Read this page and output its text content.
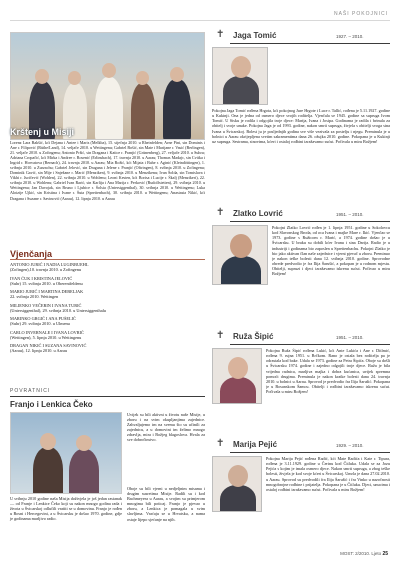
NAŠI POKOJNICI
Krštenj u Misiji
Lorenz Lara Bakšić, kći Dejana i Antee i Maris (Melkba), 15. siječnja 2010. u Rheinfelden; Arne Pini, sin Dominis i Ane r. Filipović (Rüthe/Land), 14. veljače 2010. u Wettingenu; Gabriel Bošić, sin Mate i Marijane r. Vasić (Berlingen), 21. veljače 2010. u Zofingenu; Antonio Pršić, sin Dragana i Katice r. Pranjić (Grünenberg), 27. veljače 2010. u Suhru; Adriana Cropačić, kći Mirka i Andree r. Rosenić (Erlinsbach), 17. travnja 2010. u Aarau; Thomas Madajc, sin Cvitka i Ingrid r. Horvatova (Bernach), 24. travnja 2010. u Aarau; Mia Rožić, kći Mijata i Bahe r. Aginić (Kleindöttingen), 1. svibnja 2010. u Zurzachu; Gabriel Jelović, sin Dragana i Jelene r. Pranjić (Oftringen), 8. svibnja 2010. u Zofingenu; Dominik Gavić, sin Mije i Snježane r. Marić (Menziken), 9. svibnja 2010. u Menzikenu; Ivan Šolda, sin Tomislava i Vikhi r. Juričević (Wohlen), 22. svibnja 2010. u Wohlenu; Leoni Kesten, kći Borisa i Lucije r. Škalj (Menzikeri), 22. svibnja 2010. u Wohlenu; Gabriel Ivan Rarić, sin Karlija i Ana Marija r. Perković (Rudolfstetten), 29. svibnja 2010. u Wettingenu; Jan Davojak, sin Bruno i Ljubice r. Šolsia (Untersiggenthal), 30. svibnja 2010. u Wettingenu; Luka Aloizije Ujkić, sin Kristina i Ivane r. Šuta (Spreitenbach), 30. svibnja 2010. u Wettingenu; Anastasia Nikić, kći Dragana i Suzane r. Savinović (Aarau), 12. lipnja 2010. u Aarau
Vjenčanja
ANTONIO JURIĆ I NADIA LUGINBUEHL
(Zofingen),10. travnja 2010. u Zofingenu
IVAN ĆUK I KRISTINA JELOVIĆ
(Suhr) 15. svibnja 2010. u Oberentfeldenu
MARIO JURIĆ I MARTINA DEBELJAK
22. svibnja 2010. Wettingen
MILIENKO VEČERIN I IVANA TURIĆ
(Untersiggenthal), 29. svibnja 2010. u Untersiggenthalu
MARINKO GRGIĆ I ANA PUŠELIĆ
(Suhr) 29. svibnja 2010. u Ulmenu
CARLO INVERNALE I IVANA LOVRIĆ
(Wettingen), 5. lipnja 2010. u Wettingenu
DRAGAN NIKIĆ I SUZANA SAVINOVIĆ
(Aarau), 12. lipnja 2010. u Aarau
POVRATNICI
Franjo i Lenkica Čeko
U svibnju 2010 godine naša Misija doživjela je još jedan rastanak — od Franje i Lenkice Čeko koji su nakon mnogo godina rada i života u Švicarskoj odlučili vratiti se u domovinu. Franjo je rođen u Bosni i Hercegovini, a u Švicarsku je došao 1970. godine, gdje je godinama marljivo radio.
Uvijek su bili aktivni u životu naše Misije, u zboru i na svim okupljanjima zajednice. Zahvaljujemo im na svemu što su učinili za zajednicu, a u domovini im želimo mnogo zdravlja, mira i Božjeg blagoslova. Hvala za sve dobročinstvo.
✝ Jaga Tomić	1927. – 2010.
Pokojna Jaga Tomić rođena Hrgota, kći pokojnog Jure Hrgote i Luce r. Tallić, rođena je 5.11.1927. godine u Kukinji. Ona je jedna od osmero djece svojih roditelja. Vjenčala se 1945. godine sa supruga Ivom Tomić. U Sisku je rodila i odgojila troje djece: Marija, Ivana i Josipa. Godinama je radila i brinula za obitelj i svoje unuke. Pokojna Jaga je od 1993. godine, nakon smrti supruga, živjela s obitelji svoga sina Ivana u Švicarskoj. Bolest ju je posljednjih godina sve više vezivala za postelju i njegu. Preminula je u bolnici u Aarau okrijepljena svetim sakramentima dana 26. ožujka 2010. godine. Pokopana je u Kukinji uz supruga. Sestrama, sinovima, kćeri i ostaloj rodbini izražavamo sućut. Počivala u miru Božjem!
✝ Zlatko Lovrić	1951. – 2010.
Pokojni Zlatko Lovrić rođen je 1. lipnja 1951. godine u Sokolovcu kod Slavonskog Broda, od oca Ivana i majke Mare r. Ikić. Vjenčao se 1973. godine s Ružicom r. Marić, a 1974. godine došao je u Švicarsku. U braku su dobili kćer Ivanu i sina Darija. Radio je u industriji i godinama bio zaposlen u Spreitenbachu. Pokojni Zlatko je bio jako aktivan član naše zajednice i vjerni pjevač u zboru. Preminuo je nakon teške bolesti dana 12. svibnja 2010. godine. Sprovodne obrede predvodio je fra Ilija Šarušić, a pokopan je u rodnom mjestu. Obitelji, supruzi i djeci izražavamo iskrenu sućut. Počivao u miru Božjem!
✝ Ruža Šipić	1951. – 2010.
Pokojna Ruža Šipić rođena Lukić, kći Ante Lukića i Ane r. Ditlmić, rođena 9. rujna 1951. u Brčkom. Rano je ostala bez roditelja pa je odrastala kod bake. Udala se 1973. godine za Petra Šipića. Oboje su došli u Švicarsku 1974. godine i zajedno odgojili troje djece. Ruža je bila vrijedna radnica, marljiva majka i dobra kućanica, uvijek spremna pomoći drugima. Preminula je nakon kratke bolesti dana 24. travnja 2010. u bolnici u Aarau. Sprovod je predvodio fra Ilija Šarušić. Pokopana je u Bosanskom Šamcu. Obitelji i rodbini izražavamo iskrenu sućut. Počivala u miru Božjem!
✝ Marija Pejić	1929. – 2010.
Pokojna Marija Pejić rođena Radić, kći Mate Radića i Kate r. Tipura, rođena je 3.11.1929. godine u Čerinu kod Čitluka. Udala se za Jozu Pejića s kojim je imala osmero djece. Nakon smrti supruga, a zbog teške bolesti, živjela je kod svoje kćeri u Švicarskoj. Umrla je dana 27.02.2010. u Aarau. Sprovod su predvodili fra Ilija Šarušić i fra Vinko u nazočnosti mnogobrojne rodbine i prijatelja. Pokopana je u Čitluku. Djeci, unucima i ostaloj rodbini izražavamo sućut. Počivala u miru Božjem!
Oboje su bili vjerni u nedjeljnim misama i drugim susretima Misije. Radili su i kod Bachmeyera u Aarau, a svojim su primjerom mnogima bili poticaj. Franjo je pjevao u zboru, a Lenkica je pomagala u svim slavljima. Vraćaju se u Hrvatsku, a nama ostaje lijepo sjećanje na njih.
MOST: 2/2010. Ljeto 25
